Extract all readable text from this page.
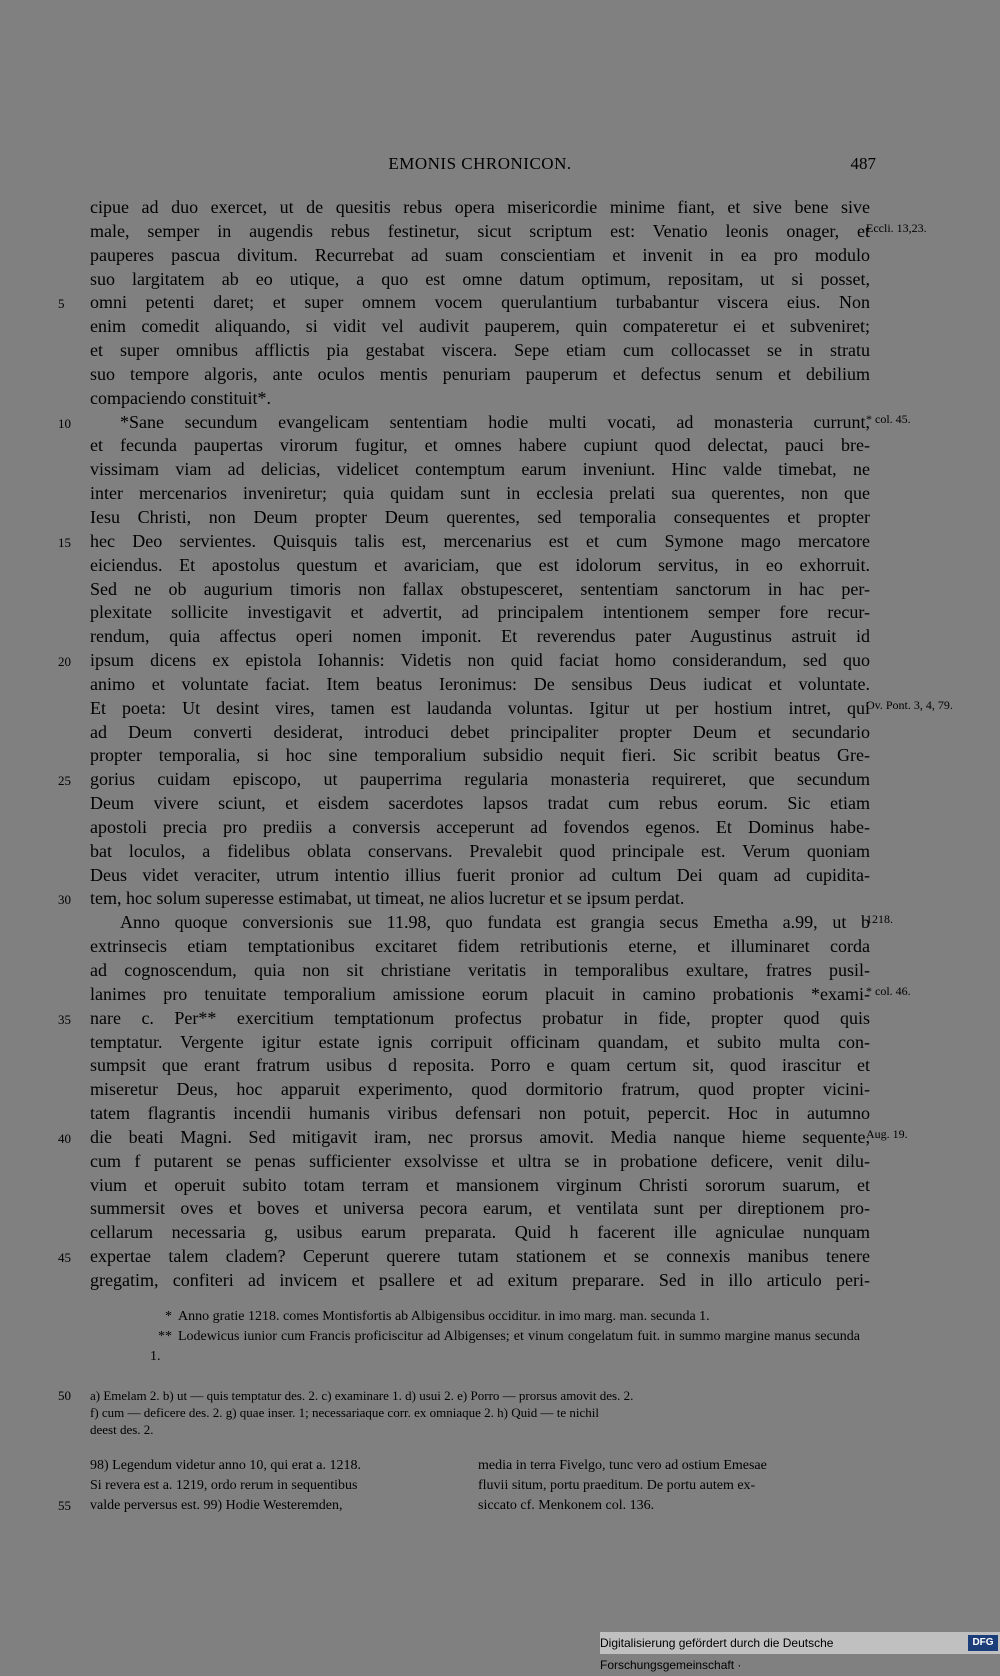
EMONIS CHRONICON.	487
cipue ad duo exercet, ut de quesitis rebus opera misericordie minime fiant, et sive bene sive
male, semper in augendis rebus festinetur, sicut scriptum est: Venatio leonis onager, et
Eccli. 13,23.
pauperes pascua divitum. Recurrebat ad suam conscientiam et invenit in ea pro modulo
suo largitatem ab eo utique, a quo est omne datum optimum, repositam, ut si posset,
5	omni petenti daret; et super omnem vocem querulantium turbabantur viscera eius. Non
enim comedit aliquando, si vidit vel audivit pauperem, quin compateretur ei et subveniret;
et super omnibus afflictis pia gestabat viscera. Sepe etiam cum collocasset se in stratu
suo tempore algoris, ante oculos mentis penuriam pauperum et defectus senum et debilium
compaciendo constituit*.
10	*Sane secundum evangelicam sententiam hodie multi vocati, ad monasteria currunt,
* col. 45.
et fecunda paupertas virorum fugitur, et omnes habere cupiunt quod delectat, pauci bre-
vissimam viam ad delicias, videlicet contemptum earum inveniunt. Hinc valde timebat, ne
inter mercenarios inveniretur; quia quidam sunt in ecclesia prelati sua querentes, non que
Iesu Christi, non Deum propter Deum querentes, sed temporalia consequentes et propter
15	hec Deo servientes. Quisquis talis est, mercenarius est et cum Symone mago mercatore
eiciendus. Et apostolus questum et avariciam, que est idolorum servitus, in eo exhorruit.
Sed ne ob augurium timoris non fallax obstupesceret, sententiam sanctorum in hac per-
plexitate sollicite investigavit et advertit, ad principalem intentionem semper fore recur-
rendum, quia affectus operi nomen imponit. Et reverendus pater Augustinus astruit id
20	ipsum dicens ex epistola Iohannis: Videtis non quid faciat homo considerandum, sed quo
animo et voluntate faciat. Item beatus Ieronimus: De sensibus Deus iudicat et voluntate.
Et poeta: Ut desint vires, tamen est laudanda voluntas. Igitur ut per hostium intret, qui
Ov. Pont. 3, 4, 79.
ad Deum converti desiderat, introduci debet principaliter propter Deum et secundario
propter temporalia, si hoc sine temporalium subsidio nequit fieri. Sic scribit beatus Gre-
25	gorius cuidam episcopo, ut pauperrima regularia monasteria requireret, que secundum
Deum vivere sciunt, et eisdem sacerdotes lapsos tradat cum rebus eorum. Sic etiam
apostoli precia pro prediis a conversis acceperunt ad fovendos egenos. Et Dominus habe-
bat loculos, a fidelibus oblata conservans. Prevalebit quod principale est. Verum quoniam
Deus videt veraciter, utrum intentio illius fuerit pronior ad cultum Dei quam ad cupidita-
30	tem, hoc solum superesse estimabat, ut timeat, ne alios lucretur et se ipsum perdat.
Anno quoque conversionis sue 11.98, quo fundata est grangia secus Emetha a.99, ut b
1218.
extrinsecis etiam temptationibus excitaret fidem retributionis eterne, et illuminaret corda
ad cognoscendum, quia non sit christiane veritatis in temporalibus exultare, fratres pusil-
lanimes pro tenuitate temporalium amissione eorum placuit in camino probationis *exami-
* col. 46.
35	nare c. Per** exercitium temptationum profectus probatur in fide, propter quod quis
temptatur. Vergente igitur estate ignis corripuit officinam quandam, et subito multa con-
sumpsit que erant fratrum usibus d reposita. Porro e quam certum sit, quod irascitur et
miseretur Deus, hoc apparuit experimento, quod dormitorio fratrum, quod propter vicini-
tatem flagrantis incendii humanis viribus defensari non potuit, pepercit. Hoc in autumno
40	die beati Magni. Sed mitigavit iram, nec prorsus amovit. Media nanque hieme sequente,
Aug. 19.
cum f putarent se penas sufficienter exsolvisse et ultra se in probatione deficere, venit dilu-
vium et operuit subito totam terram et mansionem virginum Christi sororum suarum, et
summersit oves et boves et universa pecora earum, et ventilata sunt per direptionem pro-
cellarum necessaria g, usibus earum preparata. Quid h facerent ille agniculae nunquam
45	expertae talem cladem? Ceperunt querere tutam stationem et se connexis manibus tenere
gregatim, confiteri ad invicem et psallere et ad exitum preparare. Sed in illo articulo peri-
* Anno gratie 1218. comes Montisfortis ab Albigensibus occiditur. in imo marg. man. secunda 1.
** Lodewicus iunior cum Francis proficiscitur ad Albigenses; et vinum congelatum fuit. in summo margine manus secunda 1.
50	a) Emelam 2. b) ut — quis temptatur des. 2. c) examinare 1. d) usui 2. e) Porro — prorsus amovit des. 2.
f) cum — deficere des. 2. g) quae inser. 1; necessariaque corr. ex omniaque 2. h) Quid — te nichil
deest des. 2.
98) Legendum videtur anno 10, qui erat a. 1218.	media in terra Fivelgo, tunc vero ad ostium Emesae
Si revera est a. 1219, ordo rerum in sequentibus	fluvii situm, portu praeditum. De portu autem ex-
55	valde perversus est. 99) Hodie Westeremden,	siccato cf. Menkonem col. 136.
Digitalisierung gefördert durch die Deutsche Forschungsgemeinschaft ·
DFG
